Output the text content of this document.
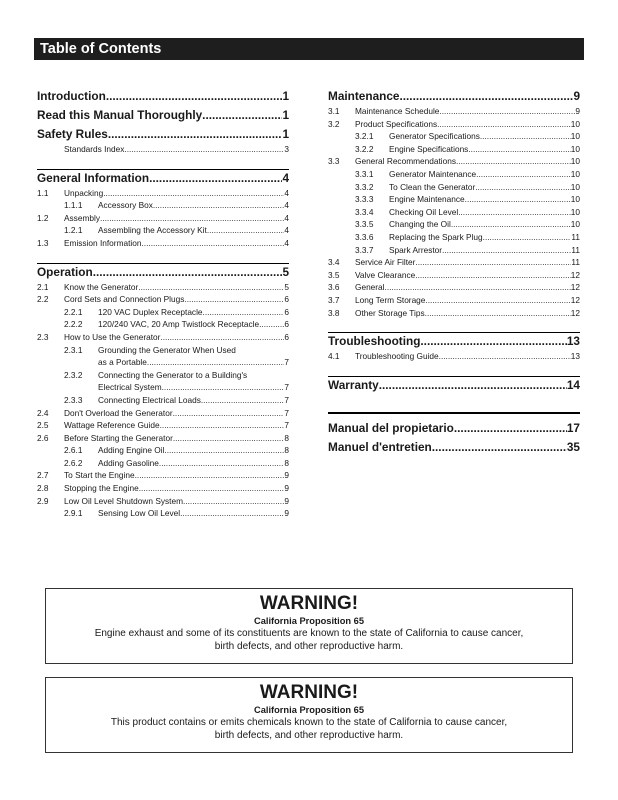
Table of Contents
Introduction .....	1
Read this Manual Thoroughly .....	1
Safety Rules .....	1
Standards Index .....	3
General Information .....	4
1.1	Unpacking .....	4
1.1.1	Accessory Box .....	4
1.2	Assembly .....	4
1.2.1	Assembling the Accessory Kit .....	4
1.3	Emission Information .....	4
Operation .....	5
2.1	Know the Generator .....	5
2.2	Cord Sets and Connection Plugs .....	6
2.2.1	120 VAC Duplex Receptacle .....	6
2.2.2	120/240 VAC, 20 Amp Twistlock Receptacle .....	6
2.3	How to Use the Generator .....	6
2.3.1	Grounding the Generator When Used
as a Portable .....	7
2.3.2	Connecting the Generator to a Building's
Electrical System .....	7
2.3.3	Connecting Electrical Loads .....	7
2.4	Don't Overload the Generator .....	7
2.5	Wattage Reference Guide .....	7
2.6	Before Starting the Generator .....	8
2.6.1	Adding Engine Oil .....	8
2.6.2	Adding Gasoline .....	8
2.7	To Start the Engine .....	9
2.8	Stopping the Engine .....	9
2.9	Low Oil Level Shutdown System .....	9
2.9.1	Sensing Low Oil Level .....	9
Maintenance .....	9
3.1	Maintenance Schedule .....	9
3.2	Product Specifications .....	10
3.2.1	Generator Specifications .....	10
3.2.2	Engine Specifications .....	10
3.3	General Recommendations .....	10
3.3.1	Generator Maintenance .....	10
3.3.2	To Clean the Generator .....	10
3.3.3	Engine Maintenance .....	10
3.3.4	Checking Oil Level .....	10
3.3.5	Changing the Oil .....	10
3.3.6	Replacing the Spark Plug .....	11
3.3.7	Spark Arrestor .....	11
3.4	Service Air Filter .....	11
3.5	Valve Clearance .....	12
3.6	General .....	12
3.7	Long Term Storage .....	12
3.8	Other Storage Tips .....	12
Troubleshooting .....	13
4.1	Troubleshooting Guide .....	13
Warranty .....	14
Manual del propietario .....	17
Manuel d'entretien .....	35
WARNING!
California Proposition 65
Engine exhaust and some of its constituents are known to the state of California to cause cancer,
birth defects, and other reproductive harm.
WARNING!
California Proposition 65
This product contains or emits chemicals known to the state of California to cause cancer,
birth defects, and other reproductive harm.
